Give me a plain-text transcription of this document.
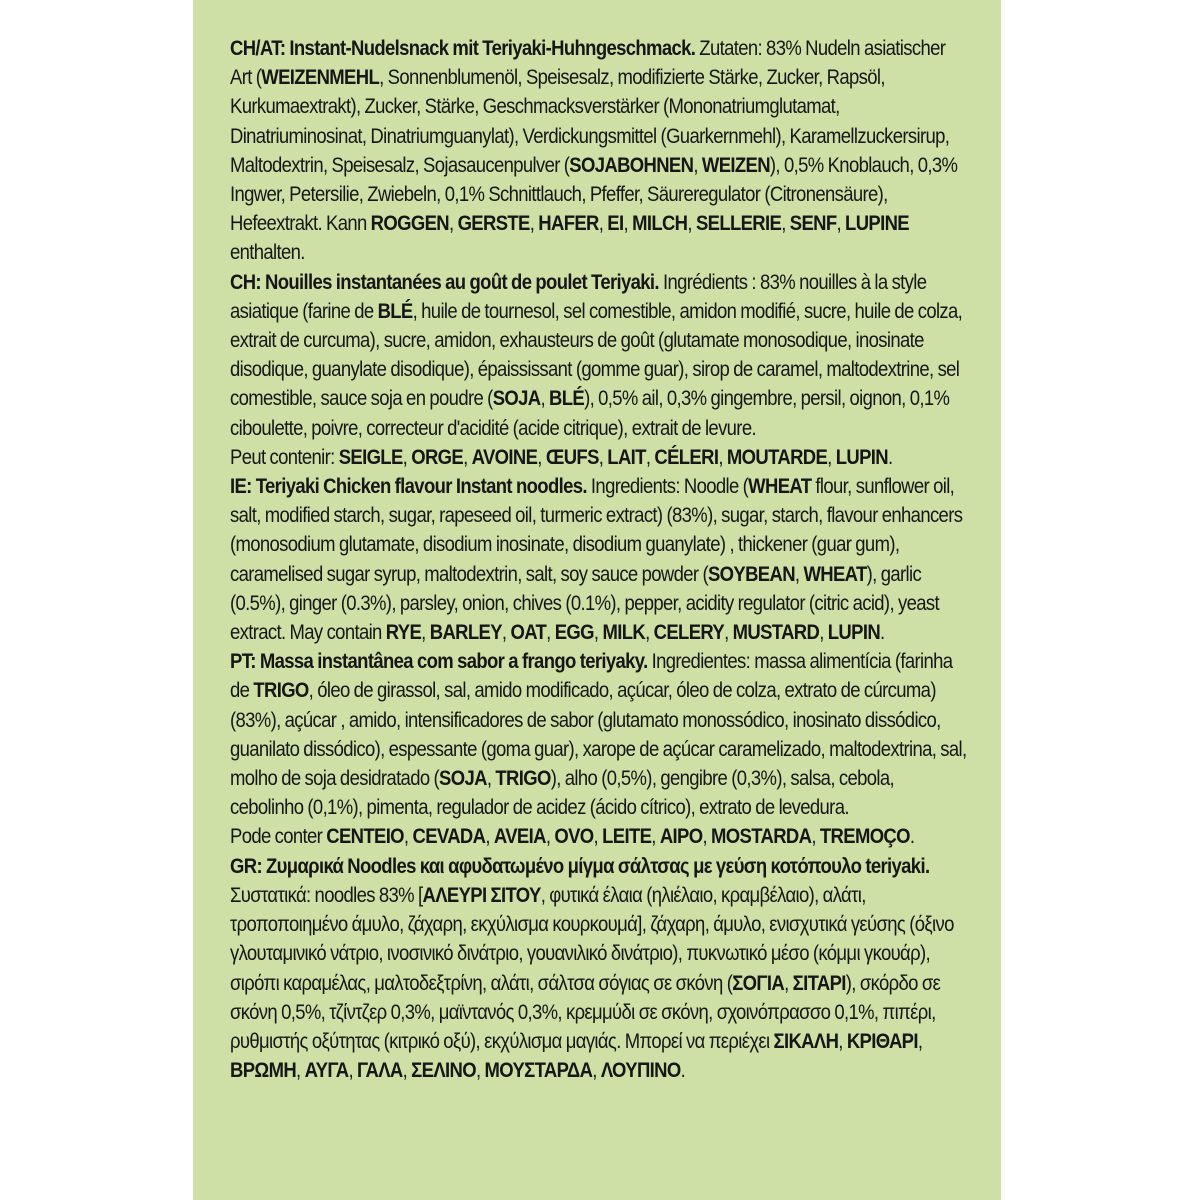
CH/AT: Instant-Nudelsnack mit Teriyaki-Huhngeschmack. Zutaten: 83% Nudeln asiatischer Art (WEIZENMEHL, Sonnenblumenöl, Speisesalz, modifizierte Stärke, Zucker, Rapsöl, Kurkumaextrakt), Zucker, Stärke, Geschmacksverstärker (Mononatriumglutamat, Dinatriuminosinat, Dinatriumguanylat), Verdickungsmittel (Guarkernmehl), Karamellzuckersirup, Maltodextrin, Speisesalz, Sojasaucenpulver (SOJABOHNEN, WEIZEN), 0,5% Knoblauch, 0,3% Ingwer, Petersilie, Zwiebeln, 0,1% Schnittlauch, Pfeffer, Säureregulator (Citronensäure), Hefeextrakt. Kann ROGGEN, GERSTE, HAFER, EI, MILCH, SELLERIE, SENF, LUPINE enthalten.

CH: Nouilles instantanées au goût de poulet Teriyaki. Ingrédients : 83% nouilles à la style asiatique (farine de BLÉ, huile de tournesol, sel comestible, amidon modifié, sucre, huile de colza, extrait de curcuma), sucre, amidon, exhausteurs de goût (glutamate monosodique, inosinate disodique, guanylate disodique), épaississant (gomme guar), sirop de caramel, maltodextrine, sel comestible, sauce soja en poudre (SOJA, BLÉ), 0,5% ail, 0,3% gingembre, persil, oignon, 0,1% ciboulette, poivre, correcteur d'acidité (acide citrique), extrait de levure.

Peut contenir: SEIGLE, ORGE, AVOINE, ŒUFS, LAIT, CÉLERI, MOUTARDE, LUPIN.

IE: Teriyaki Chicken flavour Instant noodles. Ingredients: Noodle (WHEAT flour, sunflower oil, salt, modified starch, sugar, rapeseed oil, turmeric extract) (83%), sugar, starch, flavour enhancers (monosodium glutamate, disodium inosinate, disodium guanylate) , thickener (guar gum), caramelised sugar syrup, maltodextrin, salt, soy sauce powder (SOYBEAN, WHEAT), garlic (0.5%), ginger (0.3%), parsley, onion, chives (0.1%), pepper, acidity regulator (citric acid), yeast extract. May contain RYE, BARLEY, OAT, EGG, MILK, CELERY, MUSTARD, LUPIN.

PT: Massa instantânea com sabor a frango teriyaky. Ingredientes: massa alimentícia (farinha de TRIGO, óleo de girassol, sal, amido modificado, açúcar, óleo de colza, extrato de cúrcuma) (83%), açúcar , amido, intensificadores de sabor (glutamato monossódico, inosinato dissódico, guanilato dissódico), espessante (goma guar), xarope de açúcar caramelizado, maltodextrina, sal, molho de soja desidratado (SOJA, TRIGO), alho (0,5%), gengibre (0,3%), salsa, cebola, cebolinho (0,1%), pimenta, regulador de acidez (ácido cítrico), extrato de levedura.

Pode conter CENTEIO, CEVADA, AVEIA, OVO, LEITE, AIPO, MOSTARDA, TREMOÇO.

GR: Ζυμαρικά Noodles και αφυδατωμένο μίγμα σάλτσας με γεύση κοτόπουλο teriyaki. Συστατικά: noodles 83% [ΑΛΕΥΡΙ ΣΙΤΟΥ, φυτικά έλαια (ηλιέλαιο, κραμβέλαιο), αλάτι, τροποποιημένο άμυλο, ζάχαρη, εκχύλισμα κουρκουμά], ζάχαρη, άμυλο, ενισχυτικά γεύσης (όξινο γλουταμινικό νάτριο, ινοσινικό δινάτριο, γουανιλικό δινάτριο), πυκνωτικό μέσο (κόμμι γκουάρ), σιρόπι καραμέλας, μαλτοδεξτρίνη, αλάτι, σάλτσα σόγιας σε σκόνη (ΣΟΓΙΑ, ΣΙΤΑΡΙ), σκόρδο σε σκόνη 0,5%, τζίντζερ 0,3%, μαϊντανός 0,3%, κρεμμύδι σε σκόνη, σχοινόπρασσο 0,1%, πιπέρι, ρυθμιστής οξύτητας (κιτρικό οξύ), εκχύλισμα μαγιάς. Μπορεί να περιέχει ΣΙΚΑΛΗ, ΚΡΙΘΑΡΙ, ΒΡΩΜΗ, ΑΥΓΑ, ΓΑΛΑ, ΣΕΛΙΝΟ, ΜΟΥΣΤΑΡΔΑ, ΛΟΥΠΙΝΟ.
